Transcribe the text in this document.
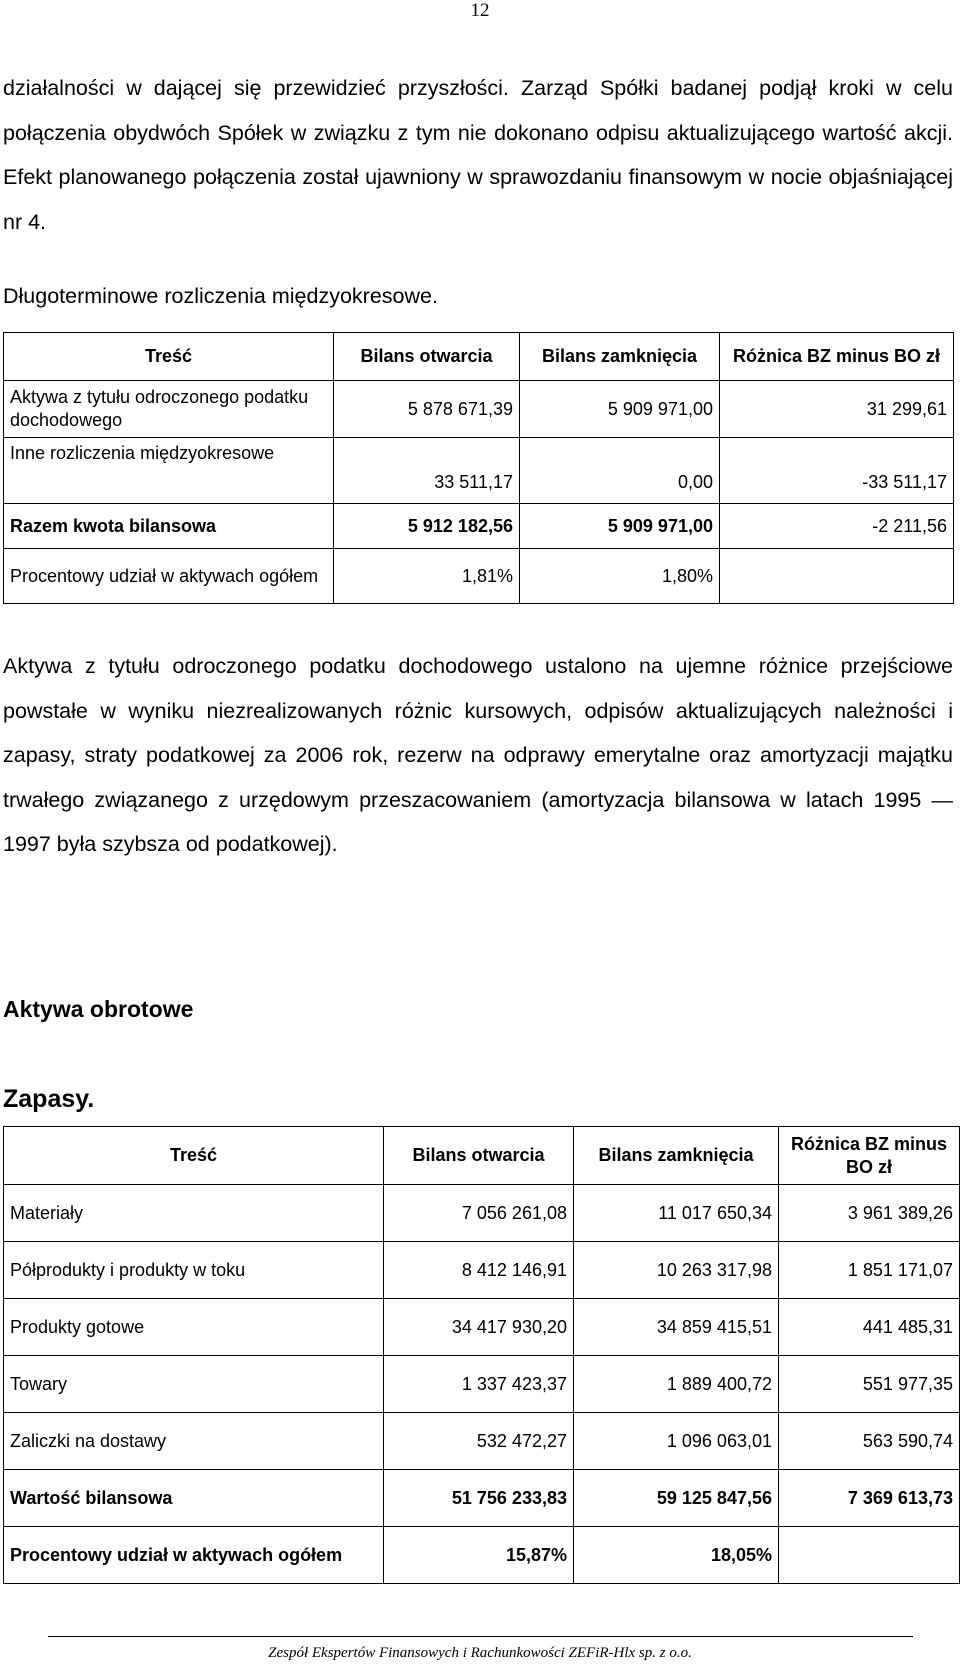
12

działalności w dającej się przewidzieć przyszłości. Zarząd Spółki badanej podjął kroki w celu połączenia obydwóch Spółek w związku z tym nie dokonano odpisu aktualizującego wartość akcji. Efekt planowanego połączenia został ujawniony w sprawozdaniu finansowym w nocie objaśniającej nr 4.

Długoterminowe rozliczenia międzyokresowe.

Treść	Bilans otwarcia	Bilans zamknięcia	Różnica BZ minus BO zł
Aktywa z tytułu odroczonego podatku dochodowego	5 878 671,39	5 909 971,00	31 299,61
Inne rozliczenia międzyokresowe	33 511,17	0,00	-33 511,17
Razem kwota bilansowa	5 912 182,56	5 909 971,00	-2 211,56
Procentowy udział w aktywach ogółem	1,81%	1,80%	

Aktywa z tytułu odroczonego podatku dochodowego ustalono na ujemne różnice przejściowe powstałe w wyniku niezrealizowanych różnic kursowych, odpisów aktualizujących należności i zapasy, straty podatkowej za 2006 rok, rezerw na odprawy emerytalne oraz amortyzacji majątku trwałego związanego z urzędowym przeszacowaniem (amortyzacja bilansowa w latach 1995 — 1997 była szybsza od podatkowej).

Aktywa obrotowe

Zapasy.

Treść	Bilans otwarcia	Bilans zamknięcia	Różnica BZ minus BO zł
Materiały	7 056 261,08	11 017 650,34	3 961 389,26
Półprodukty i produkty w toku	8 412 146,91	10 263 317,98	1 851 171,07
Produkty gotowe	34 417 930,20	34 859 415,51	441 485,31
Towary	1 337 423,37	1 889 400,72	551 977,35
Zaliczki na dostawy	532 472,27	1 096 063,01	563 590,74
Wartość bilansowa	51 756 233,83	59 125 847,56	7 369 613,73
Procentowy udział w aktywach ogółem	15,87%	18,05%	
Zespół Ekspertów Finansowych i Rachunkowości ZEFiR-Hlx sp. z o.o.
